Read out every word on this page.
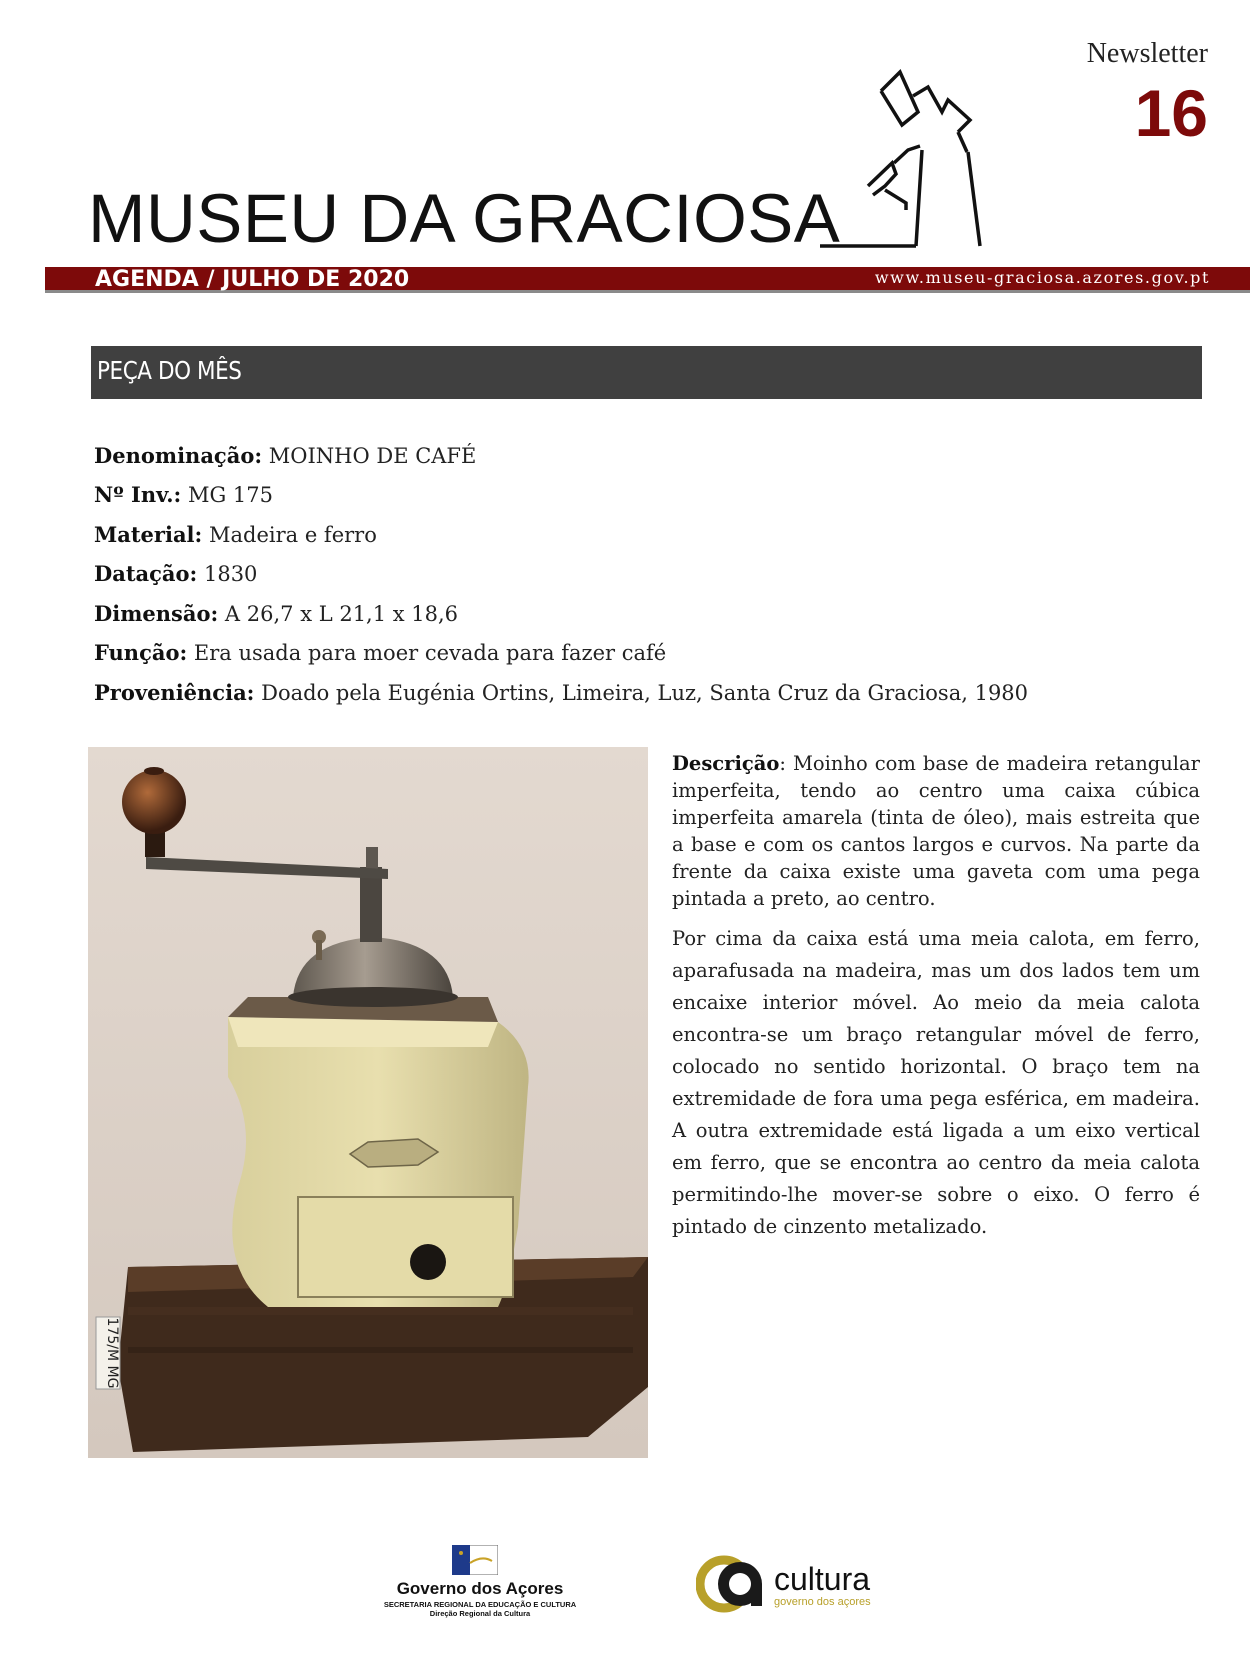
Newsletter
16
MUSEU DA GRACIOSA
AGENDA / JULHO DE 2020	www.museu-graciosa.azores.gov.pt
PEÇA DO MÊS
Denominação: MOINHO DE CAFÉ
Nº Inv.: MG 175
Material: Madeira e ferro
Datação: 1830
Dimensão: A 26,7 x L 21,1 x 18,6
Função: Era usada para moer cevada para fazer café
Proveniência: Doado pela Eugénia Ortins, Limeira, Luz, Santa Cruz da Graciosa, 1980
175/M MG

Descrição: Moinho com base de madeira retangular imperfeita, tendo ao centro uma caixa cúbica imperfeita amarela (tinta de óleo), mais estreita que a base e com os cantos largos e curvos. Na parte da frente da caixa existe uma gaveta com uma pega pintada a preto, ao centro.

Por cima da caixa está uma meia calota, em ferro, aparafusada na madeira, mas um dos lados tem um encaixe interior móvel. Ao meio da meia calota encontra-se um braço retangular móvel de ferro, colocado no sentido horizontal. O braço tem na extremidade de fora uma pega esférica, em madeira. A outra extremidade está ligada a um eixo vertical em ferro, que se encontra ao centro da meia calota permitindo-lhe mover-se sobre o eixo. O ferro é pintado de cinzento metalizado.

Governo dos Açores
SECRETARIA REGIONAL DA EDUCAÇÃO E CULTURA
Direção Regional da Cultura
cultura
governo dos açores
